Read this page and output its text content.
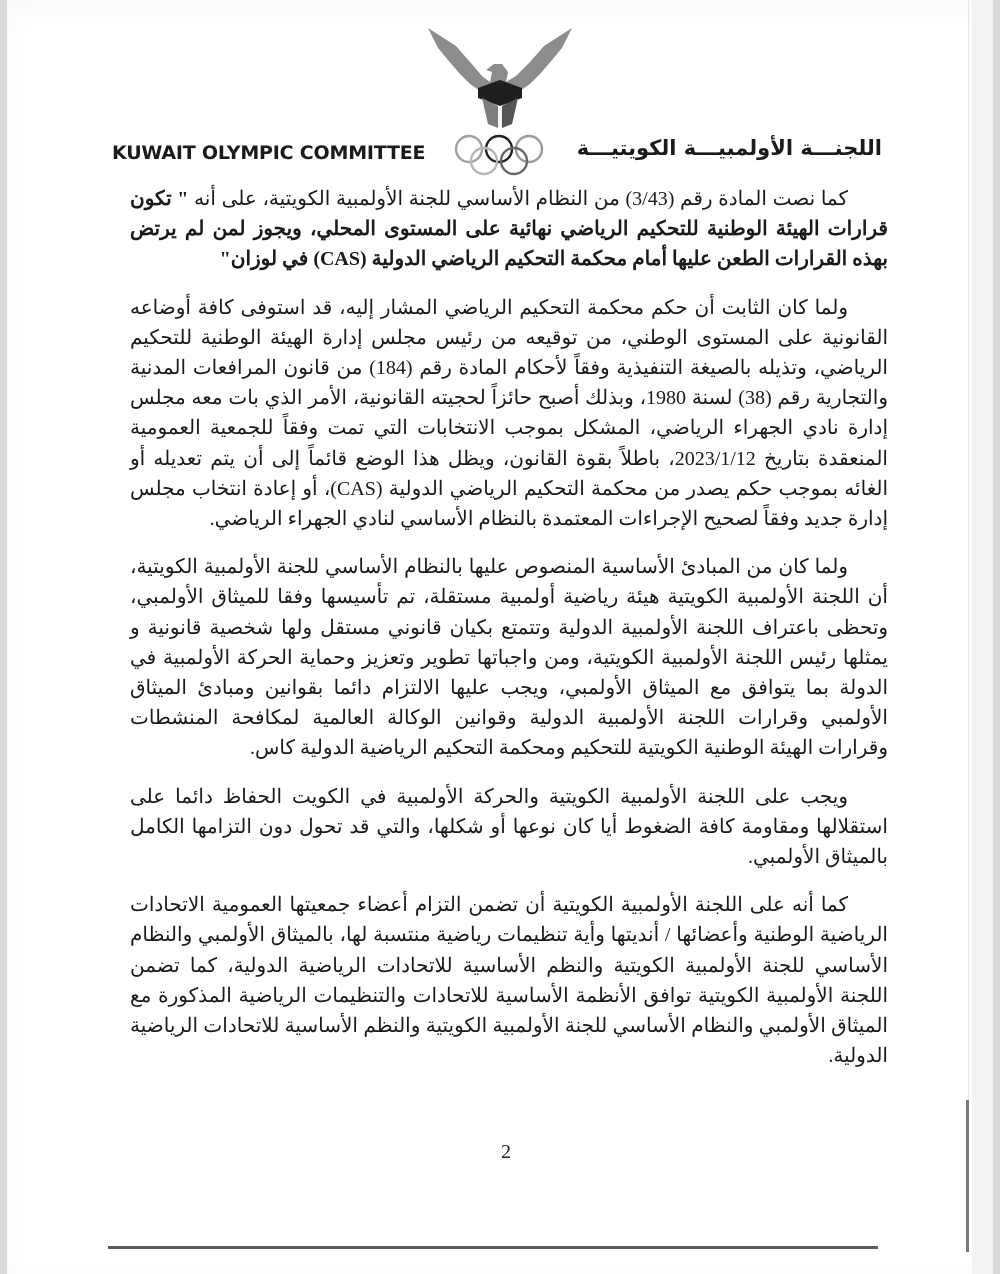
KUWAIT OLYMPIC COMMITTEE	اللجنـــة الأولمبيـــة الكويتيـــة

كما نصت المادة رقم (3/43) من النظام الأساسي للجنة الأولمبية الكويتية، على أنه " تكون قرارات الهيئة الوطنية للتحكيم الرياضي نهائية على المستوى المحلي، ويجوز لمن لم يرتض بهذه القرارات الطعن عليها أمام محكمة التحكيم الرياضي الدولية (CAS) في لوزان"

ولما كان الثابت أن حكم محكمة التحكيم الرياضي المشار إليه، قد استوفى كافة أوضاعه القانونية على المستوى الوطني، من توقيعه من رئيس مجلس إدارة الهيئة الوطنية للتحكيم الرياضي، وتذيله بالصيغة التنفيذية وفقاً لأحكام المادة رقم (184) من قانون المرافعات المدنية والتجارية رقم (38) لسنة 1980، وبذلك أصبح حائزاً لحجيته القانونية، الأمر الذي بات معه مجلس إدارة نادي الجهراء الرياضي، المشكل بموجب الانتخابات التي تمت وفقاً للجمعية العمومية المنعقدة بتاريخ 2023/1/12، باطلاً بقوة القانون، ويظل هذا الوضع قائماً إلى أن يتم تعديله أو الغائه بموجب حكم يصدر من محكمة التحكيم الرياضي الدولية (CAS)، أو إعادة انتخاب مجلس إدارة جديد وفقاً لصحيح الإجراءات المعتمدة بالنظام الأساسي لنادي الجهراء الرياضي.

ولما كان من المبادئ الأساسية المنصوص عليها بالنظام الأساسي للجنة الأولمبية الكويتية، أن اللجنة الأولمبية الكويتية هيئة رياضية أولمبية مستقلة، تم تأسيسها وفقا للميثاق الأولمبي، وتحظى باعتراف اللجنة الأولمبية الدولية وتتمتع بكيان قانوني مستقل ولها شخصية قانونية و يمثلها رئيس اللجنة الأولمبية الكويتية، ومن واجباتها تطوير وتعزيز وحماية الحركة الأولمبية في الدولة بما يتوافق مع الميثاق الأولمبي، ويجب عليها الالتزام دائما بقوانين ومبادئ الميثاق الأولمبي وقرارات اللجنة الأولمبية الدولية وقوانين الوكالة العالمية لمكافحة المنشطات وقرارات الهيئة الوطنية الكويتية للتحكيم ومحكمة التحكيم الرياضية الدولية كاس.

ويجب على اللجنة الأولمبية الكويتية والحركة الأولمبية في الكويت الحفاظ دائما على استقلالها ومقاومة كافة الضغوط أيا كان نوعها أو شكلها، والتي قد تحول دون التزامها الكامل بالميثاق الأولمبي.

كما أنه على اللجنة الأولمبية الكويتية أن تضمن التزام أعضاء جمعيتها العمومية الاتحادات الرياضية الوطنية وأعضائها / أنديتها وأية تنظيمات رياضية منتسبة لها، بالميثاق الأولمبي والنظام الأساسي للجنة الأولمبية الكويتية والنظم الأساسية للاتحادات الرياضية الدولية، كما تضمن اللجنة الأولمبية الكويتية توافق الأنظمة الأساسية للاتحادات والتنظيمات الرياضية المذكورة مع الميثاق الأولمبي والنظام الأساسي للجنة الأولمبية الكويتية والنظم الأساسية للاتحادات الرياضية الدولية.

2
